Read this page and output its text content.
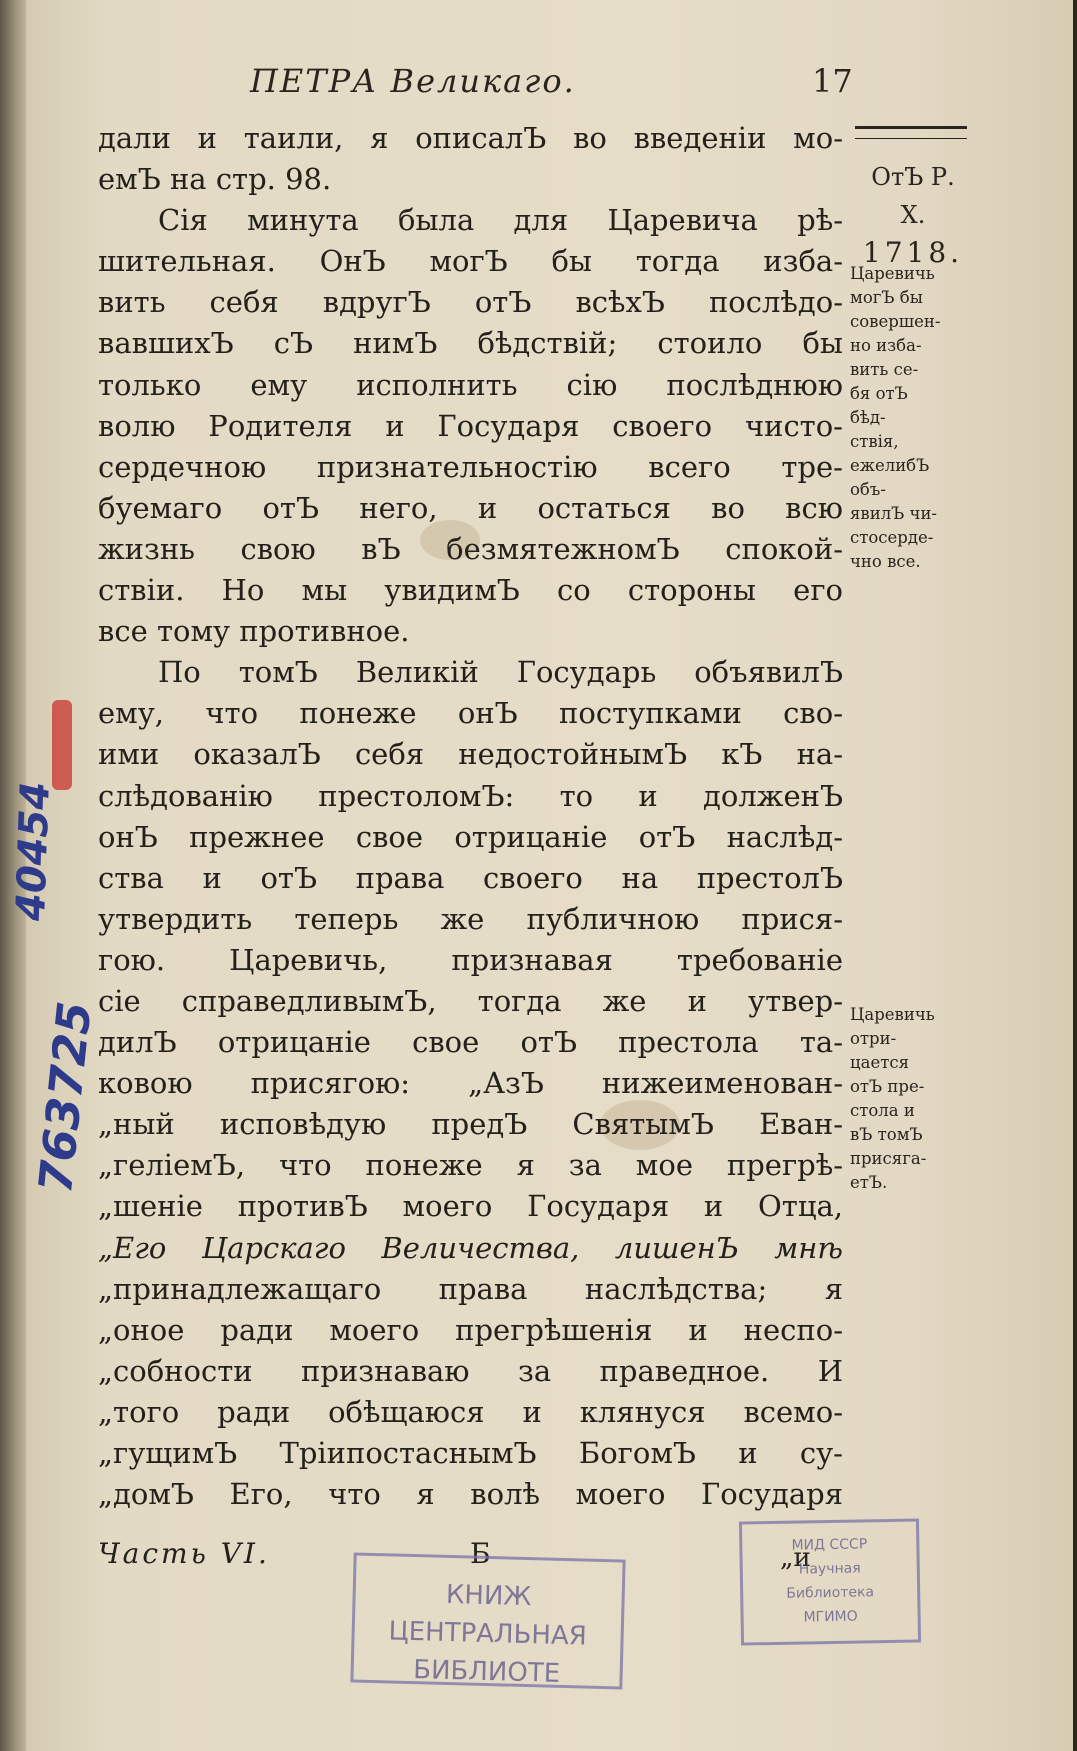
ПЕТРА Великаго.	17
ОтЪ Р. Х.
1718.
дали и таили, я описалЪ во введеніи мо-
емЪ на стр. 98.
Сія минута была для Царевича рѣ-
шительная. ОнЪ могЪ бы тогда изба-
вить себя вдругЪ отЪ всѣхЪ послѣдо-
вавшихЪ сЪ нимЪ бѣдствій; стоило бы
только ему исполнить сію послѣднюю
волю Родителя и Государя своего чисто-
сердечною признательностію всего тре-
буемаго отЪ него, и остаться во всю
жизнь свою вЪ безмятежномЪ спокой-
ствіи. Но мы увидимЪ со стороны его
все тому противное.
По томЪ Великій Государь объявилЪ
ему, что понеже онЪ поступками сво-
ими оказалЪ себя недостойнымЪ кЪ на-
слѣдованію престоломЪ: то и долженЪ
онЪ прежнее свое отрицаніе отЪ наслѣд-
ства и отЪ права своего на престолЪ
утвердить теперь же публичною прися-
гою. Царевичь, признавая требованіе
сіе справедливымЪ, тогда же и утвер-
дилЪ отрицаніе свое отЪ престола та-
ковою присягою: „АзЪ нижеименован-
„ный исповѣдую предЪ СвятымЪ Еван-
„геліемЪ, что понеже я за мое прегрѣ-
„шеніе противЪ моего Государя и Отца,
„Его Царскаго Величества, лишенЪ мнѣ
„принадлежащаго права наслѣдства; я
„оное ради моего прегрѣшенія и неспо-
„собности признаваю за праведное. И
„того ради обѣщаюся и клянуся всемо-
„гущимЪ ТріипостаснымЪ БогомЪ и су-
„домЪ Его, что я волѣ моего Государя
Царевичь
могЪ бы
совершен-
но изба-
вить се-
бя отЪ
бѣд-
ствія,
ежелибЪ
объ-
явилЪ чи-
стосерде-
чно все.
Царевичь
отри-
цается
отЪ пре-
стола и
вЪ томЪ
присяга-
етЪ.
Часть VI.	Б	„и
КНИЖ
ЦЕНТРАЛЬНАЯ
БИБЛИОТЕ
МИД СССР
Научная
Библиотека
МГИМО
40454
763725
